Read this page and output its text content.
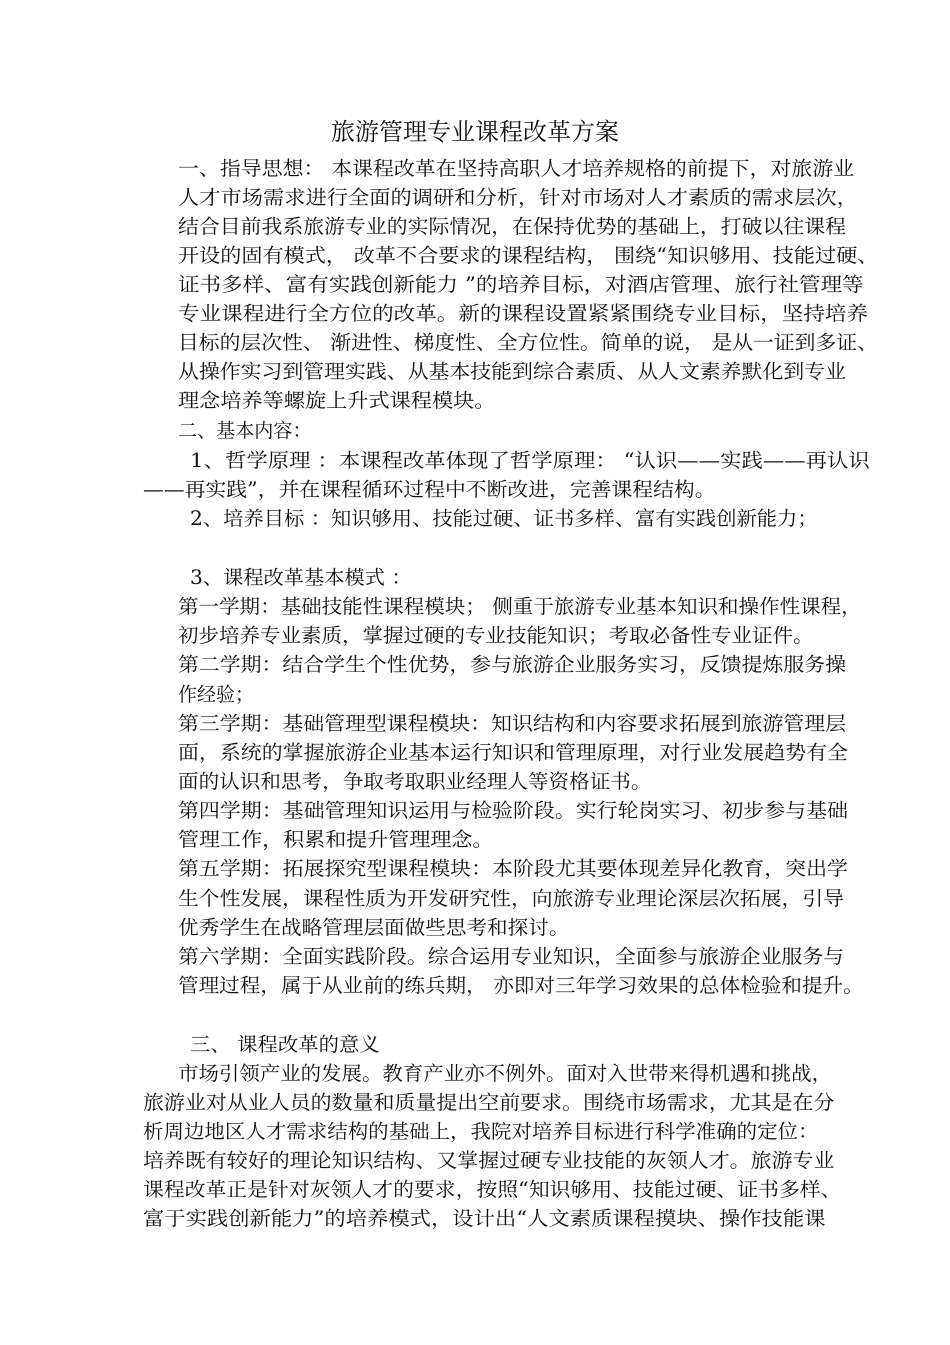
旅游管理专业课程改革方案
一、指导思想： 本课程改革在坚持高职人才培养规格的前提下，对旅游业
人才市场需求进行全面的调研和分析，针对市场对人才素质的需求层次，
结合目前我系旅游专业的实际情况，在保持优势的基础上，打破以往课程
开设的固有模式， 改革不合要求的课程结构， 围绕“知识够用、技能过硬、
证书多样、富有实践创新能力 ”的培养目标，对酒店管理、旅行社管理等
专业课程进行全方位的改革。新的课程设置紧紧围绕专业目标，坚持培养
目标的层次性、 渐进性、梯度性、全方位性。简单的说， 是从一证到多证、
从操作实习到管理实践、从基本技能到综合素质、从人文素养默化到专业
理念培养等螺旋上升式课程模块。
二、基本内容：
1、哲学原理 ：本课程改革体现了哲学原理： “认识——实践——再认识
——再实践”，并在课程循环过程中不断改进，完善课程结构。
2、培养目标 ：知识够用、技能过硬、证书多样、富有实践创新能力；
3、课程改革基本模式 ：
第一学期：基础技能性课程模块； 侧重于旅游专业基本知识和操作性课程，
初步培养专业素质，掌握过硬的专业技能知识；考取必备性专业证件。
第二学期：结合学生个性优势，参与旅游企业服务实习，反馈提炼服务操
作经验；
第三学期：基础管理型课程模块：知识结构和内容要求拓展到旅游管理层
面，系统的掌握旅游企业基本运行知识和管理原理，对行业发展趋势有全
面的认识和思考，争取考取职业经理人等资格证书。
第四学期：基础管理知识运用与检验阶段。实行轮岗实习、初步参与基础
管理工作，积累和提升管理理念。
第五学期：拓展探究型课程模块：本阶段尤其要体现差异化教育，突出学
生个性发展，课程性质为开发研究性，向旅游专业理论深层次拓展，引导
优秀学生在战略管理层面做些思考和探讨。
第六学期：全面实践阶段。综合运用专业知识，全面参与旅游企业服务与
管理过程，属于从业前的练兵期， 亦即对三年学习效果的总体检验和提升。
三、 课程改革的意义
市场引领产业的发展。教育产业亦不例外。面对入世带来得机遇和挑战，
旅游业对从业人员的数量和质量提出空前要求。围绕市场需求，尤其是在分
析周边地区人才需求结构的基础上，我院对培养目标进行科学准确的定位：
培养既有较好的理论知识结构、又掌握过硬专业技能的灰领人才。旅游专业
课程改革正是针对灰领人才的要求，按照“知识够用、技能过硬、证书多样、
富于实践创新能力”的培养模式，设计出“人文素质课程摸块、操作技能课
